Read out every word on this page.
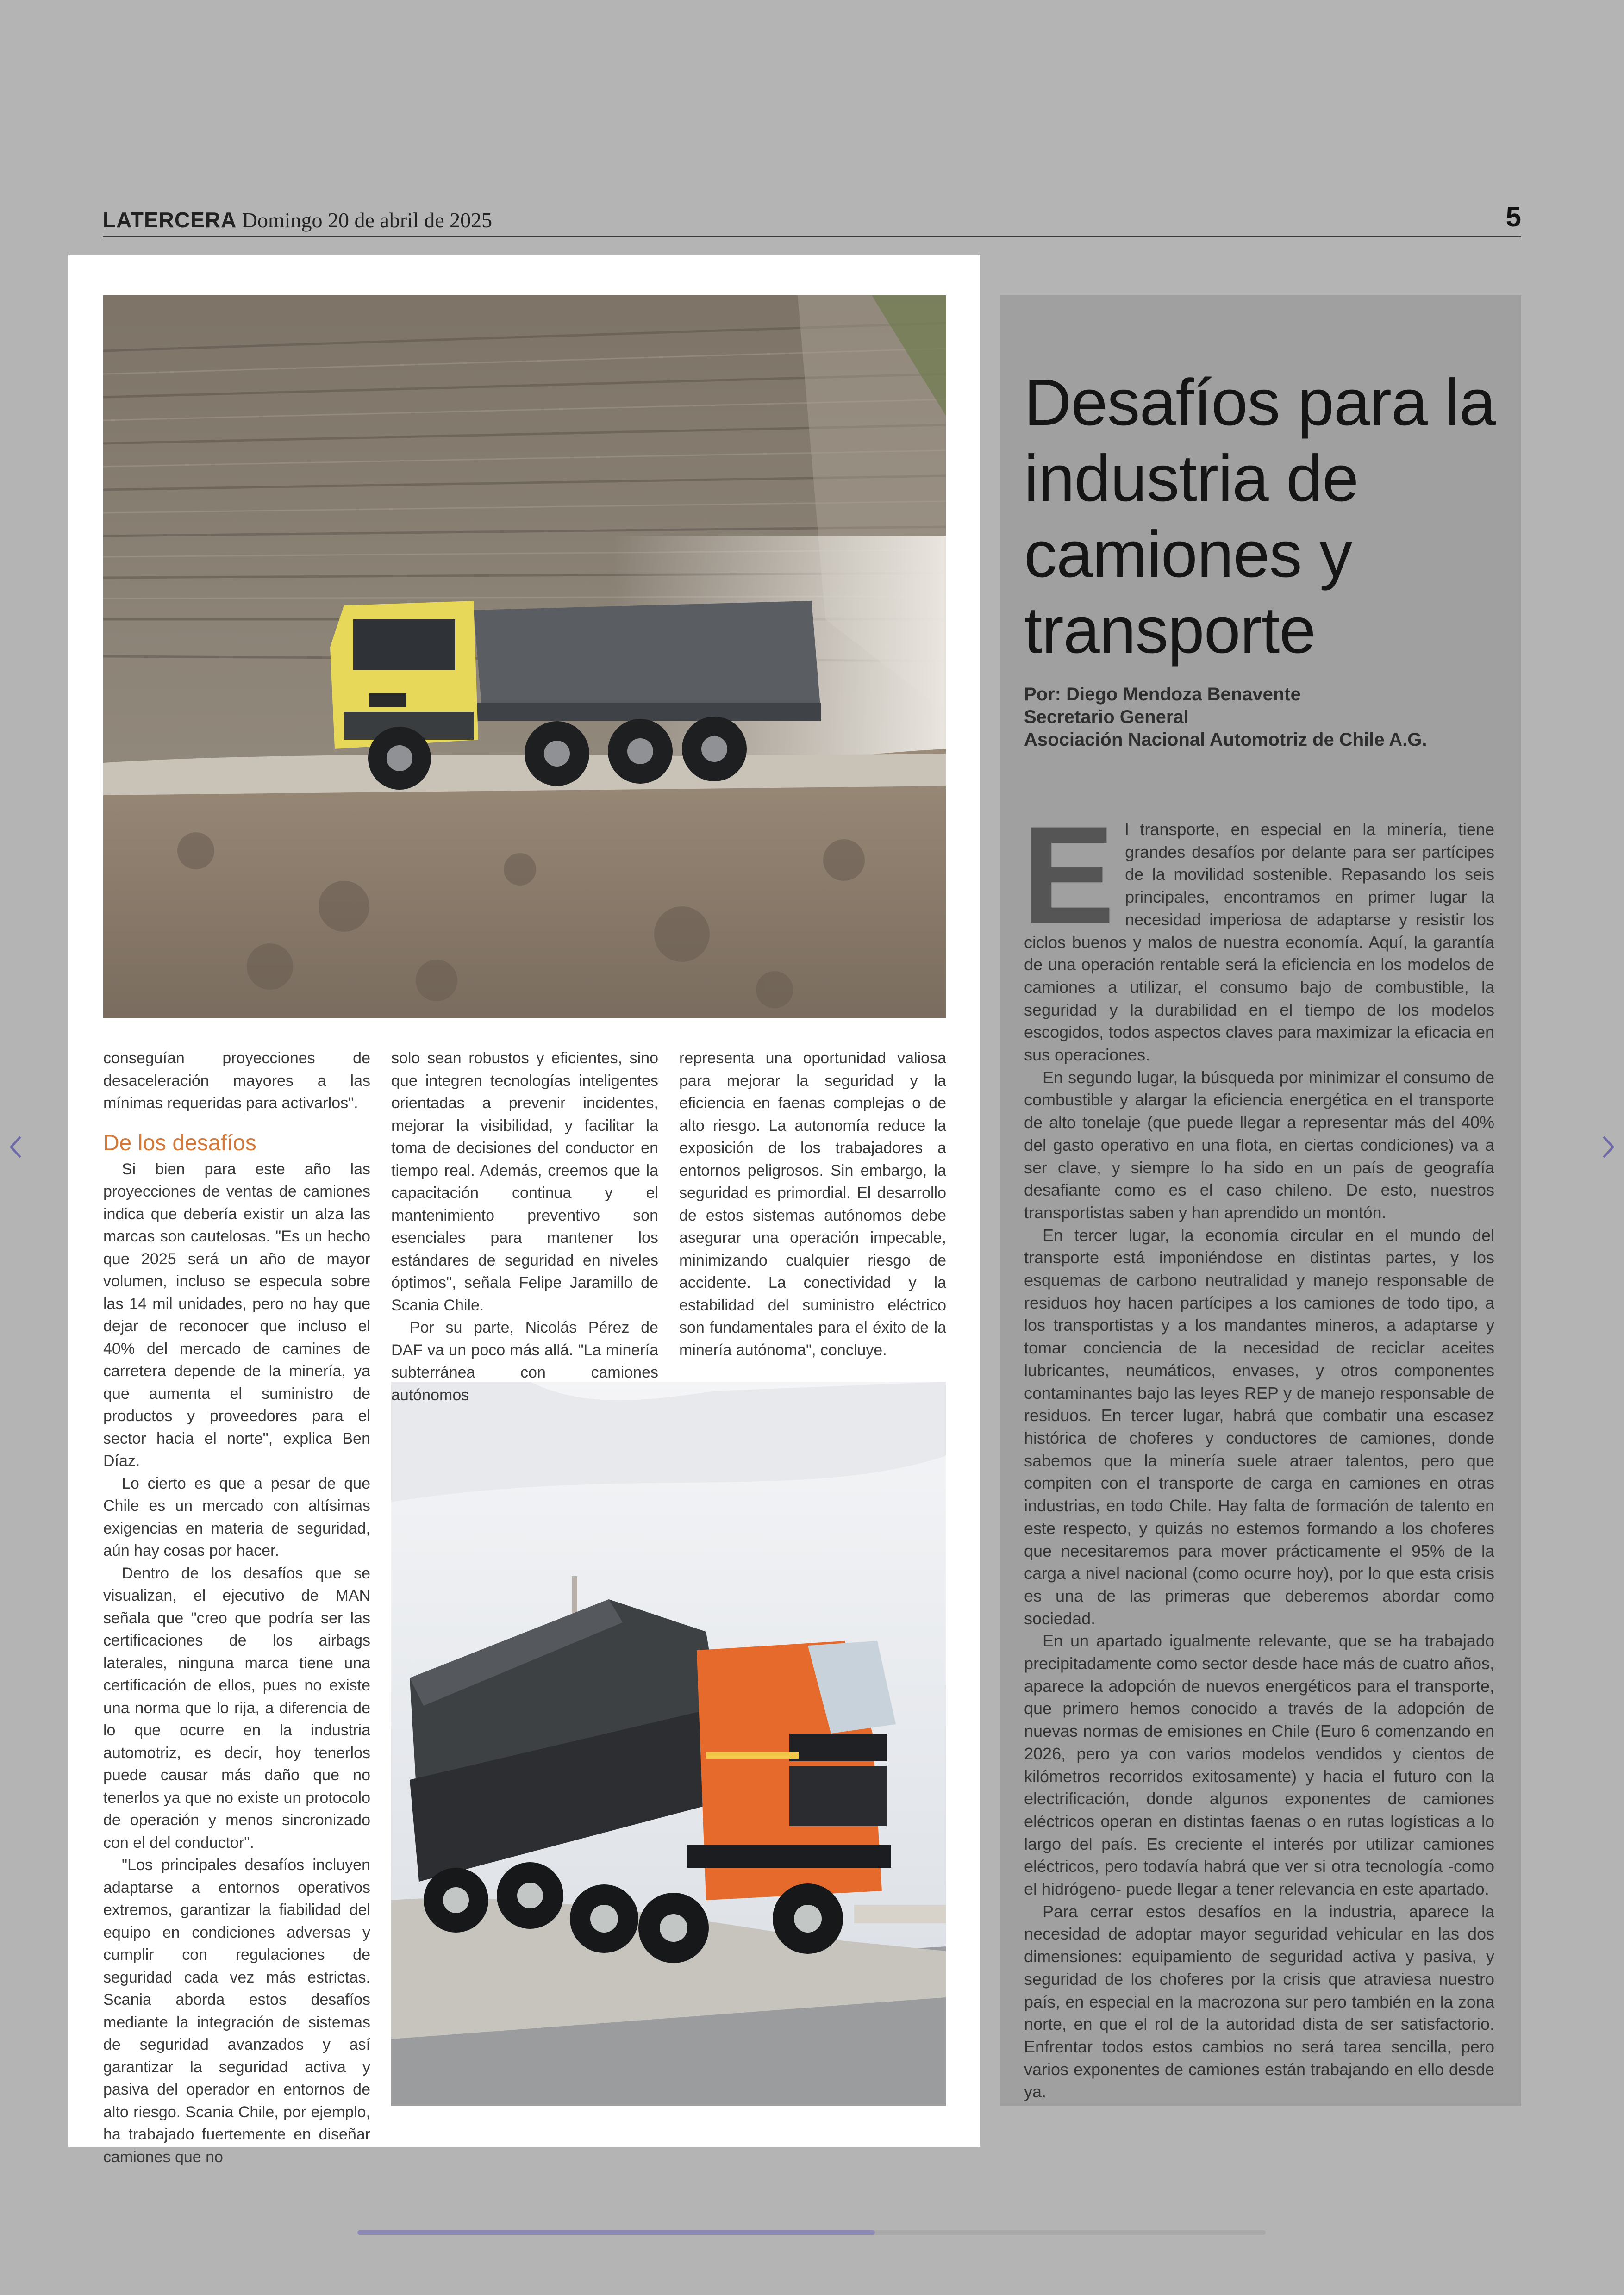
LATERCERA Domingo 20 de abril de 2025	5

conseguían proyecciones de desaceleración mayores a las mínimas requeridas para activarlos".

De los desafíos

Si bien para este año las proyecciones de ventas de camiones indica que debería existir un alza las marcas son cautelosas. "Es un hecho que 2025 será un año de mayor volumen, incluso se especula sobre las 14 mil unidades, pero no hay que dejar de reconocer que incluso el 40% del mercado de camines de carretera depende de la minería, ya que aumenta el suministro de productos y proveedores para el sector hacia el norte", explica Ben Díaz.

Lo cierto es que a pesar de que Chile es un mercado con altísimas exigencias en materia de seguridad, aún hay cosas por hacer.

Dentro de los desafíos que se visualizan, el ejecutivo de MAN señala que "creo que podría ser las certificaciones de los airbags laterales, ninguna marca tiene una certificación de ellos, pues no existe una norma que lo rija, a diferencia de lo que ocurre en la industria automotriz, es decir, hoy tenerlos puede causar más daño que no tenerlos ya que no existe un protocolo de operación y menos sincronizado con el del conductor".

"Los principales desafíos incluyen adaptarse a entornos operativos extremos, garantizar la fiabilidad del equipo en condiciones adversas y cumplir con regulaciones de seguridad cada vez más estrictas. Scania aborda estos desafíos mediante la integración de sistemas de seguridad avanzados y así garantizar la seguridad activa y pasiva del operador en entornos de alto riesgo. Scania Chile, por ejemplo, ha trabajado fuertemente en diseñar camiones que no

solo sean robustos y eficientes, sino que integren tecnologías inteligentes orientadas a prevenir incidentes, mejorar la visibilidad, y facilitar la toma de decisiones del conductor en tiempo real. Además, creemos que la capacitación continua y el mantenimiento preventivo son esenciales para mantener los estándares de seguridad en niveles óptimos", señala Felipe Jaramillo de Scania Chile.

Por su parte, Nicolás Pérez de DAF va un poco más allá. "La minería subterránea con camiones autónomos

representa una oportunidad valiosa para mejorar la seguridad y la eficiencia en faenas complejas o de alto riesgo. La autonomía reduce la exposición de los trabajadores a entornos peligrosos. Sin embargo, la seguridad es primordial. El desarrollo de estos sistemas autónomos debe asegurar una operación impecable, minimizando cualquier riesgo de accidente. La conectividad y la estabilidad del suministro eléctrico son fundamentales para el éxito de la minería autónoma", concluye.

Desafíos para la industria de camiones y transporte
Por: Diego Mendoza Benavente
Secretario General
Asociación Nacional Automotriz de Chile A.G.

El transporte, en especial en la minería, tiene grandes desafíos por delante para ser partícipes de la movilidad sostenible. Repasando los seis principales, encontramos en primer lugar la necesidad imperiosa de adaptarse y resistir los ciclos buenos y malos de nuestra economía. Aquí, la garantía de una operación rentable será la eficiencia en los modelos de camiones a utilizar, el consumo bajo de combustible, la seguridad y la durabilidad en el tiempo de los modelos escogidos, todos aspectos claves para maximizar la eficacia en sus operaciones.

En segundo lugar, la búsqueda por minimizar el consumo de combustible y alargar la eficiencia energética en el transporte de alto tonelaje (que puede llegar a representar más del 40% del gasto operativo en una flota, en ciertas condiciones) va a ser clave, y siempre lo ha sido en un país de geografía desafiante como es el caso chileno. De esto, nuestros transportistas saben y han aprendido un montón.

En tercer lugar, la economía circular en el mundo del transporte está imponiéndose en distintas partes, y los esquemas de carbono neutralidad y manejo responsable de residuos hoy hacen partícipes a los camiones de todo tipo, a los transportistas y a los mandantes mineros, a adaptarse y tomar conciencia de la necesidad de reciclar aceites lubricantes, neumáticos, envases, y otros componentes contaminantes bajo las leyes REP y de manejo responsable de residuos. En tercer lugar, habrá que combatir una escasez histórica de choferes y conductores de camiones, donde sabemos que la minería suele atraer talentos, pero que compiten con el transporte de carga en camiones en otras industrias, en todo Chile. Hay falta de formación de talento en este respecto, y quizás no estemos formando a los choferes que necesitaremos para mover prácticamente el 95% de la carga a nivel nacional (como ocurre hoy), por lo que esta crisis es una de las primeras que deberemos abordar como sociedad.

En un apartado igualmente relevante, que se ha trabajado precipitadamente como sector desde hace más de cuatro años, aparece la adopción de nuevos energéticos para el transporte, que primero hemos conocido a través de la adopción de nuevas normas de emisiones en Chile (Euro 6 comenzando en 2026, pero ya con varios modelos vendidos y cientos de kilómetros recorridos exitosamente) y hacia el futuro con la electrificación, donde algunos exponentes de camiones eléctricos operan en distintas faenas o en rutas logísticas a lo largo del país. Es creciente el interés por utilizar camiones eléctricos, pero todavía habrá que ver si otra tecnología -como el hidrógeno- puede llegar a tener relevancia en este apartado.

Para cerrar estos desafíos en la industria, aparece la necesidad de adoptar mayor seguridad vehicular en las dos dimensiones: equipamiento de seguridad activa y pasiva, y seguridad de los choferes por la crisis que atraviesa nuestro país, en especial en la macrozona sur pero también en la zona norte, en que el rol de la autoridad dista de ser satisfactorio. Enfrentar todos estos cambios no será tarea sencilla, pero varios exponentes de camiones están trabajando en ello desde ya.
